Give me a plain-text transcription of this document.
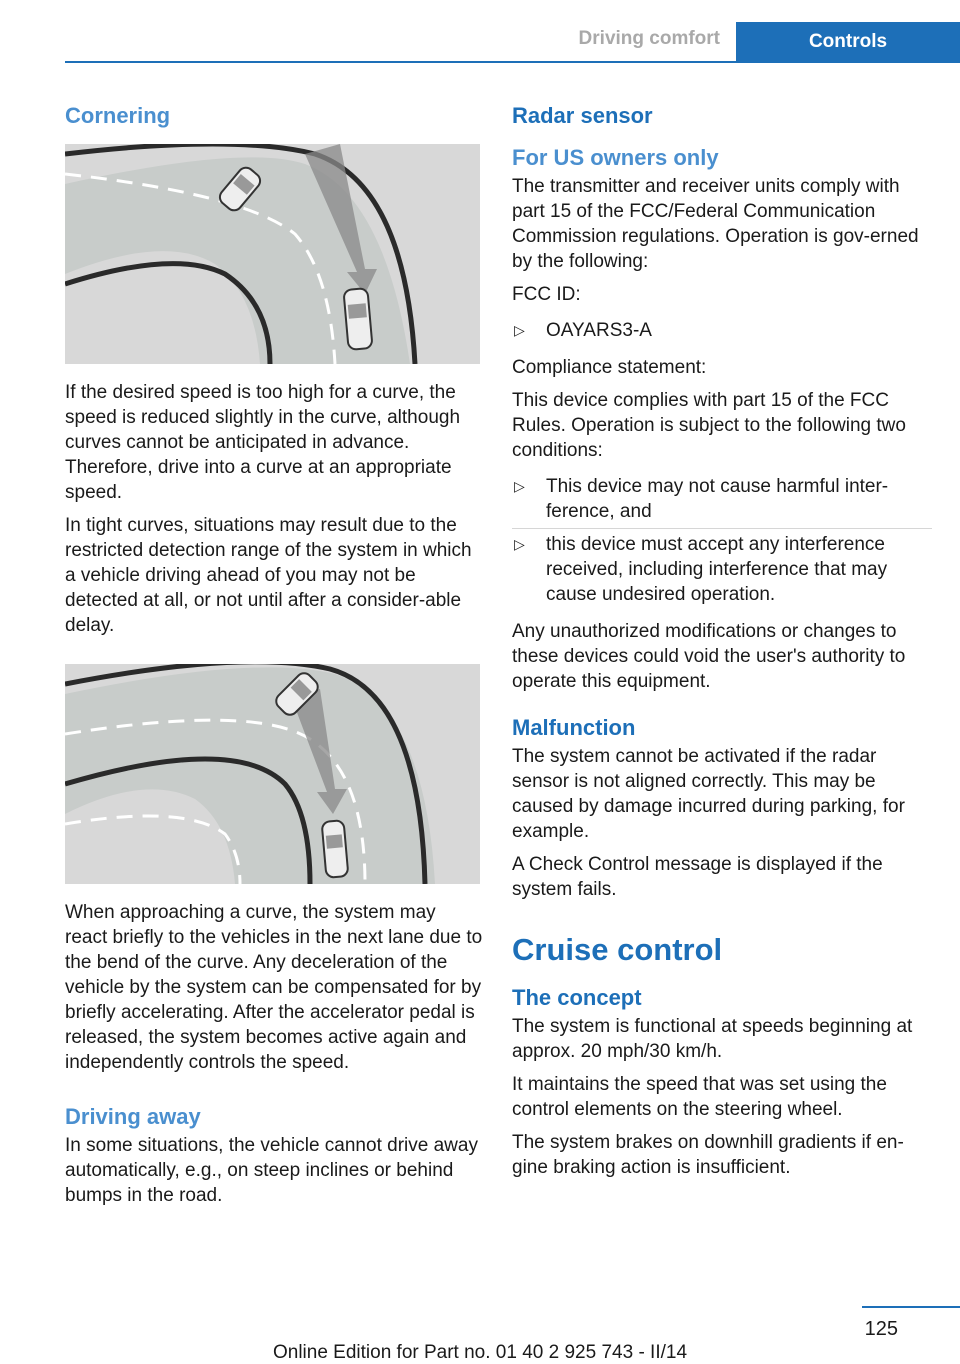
Driving comfort	Controls
Cornering

If the desired speed is too high for a curve, the speed is reduced slightly in the curve, although curves cannot be anticipated in advance. Therefore, drive into a curve at an appropriate speed.

In tight curves, situations may result due to the restricted detection range of the system in which a vehicle driving ahead of you may not be detected at all, or not until after a consider‐able delay.

When approaching a curve, the system may react briefly to the vehicles in the next lane due to the bend of the curve. Any deceleration of the vehicle by the system can be compensated for by briefly accelerating. After the accelerator pedal is released, the system becomes active again and independently controls the speed.

Driving away

In some situations, the vehicle cannot drive away automatically, e.g., on steep inclines or behind bumps in the road.

Radar sensor
For US owners only

The transmitter and receiver units comply with part 15 of the FCC/Federal Communication Commission regulations. Operation is gov‐erned by the following:

FCC ID:

▷ OAYARS3-A

Compliance statement:

This device complies with part 15 of the FCC Rules. Operation is subject to the following two conditions:

▷ This device may not cause harmful inter‐ference, and
▷ this device must accept any interference received, including interference that may cause undesired operation.

Any unauthorized modifications or changes to these devices could void the user's authority to operate this equipment.

Malfunction

The system cannot be activated if the radar sensor is not aligned correctly. This may be caused by damage incurred during parking, for example.

A Check Control message is displayed if the system fails.

Cruise control
The concept

The system is functional at speeds beginning at approx. 20 mph/30 km/h.

It maintains the speed that was set using the control elements on the steering wheel.

The system brakes on downhill gradients if en‐gine braking action is insufficient.

125
Online Edition for Part no. 01 40 2 925 743 - II/14
